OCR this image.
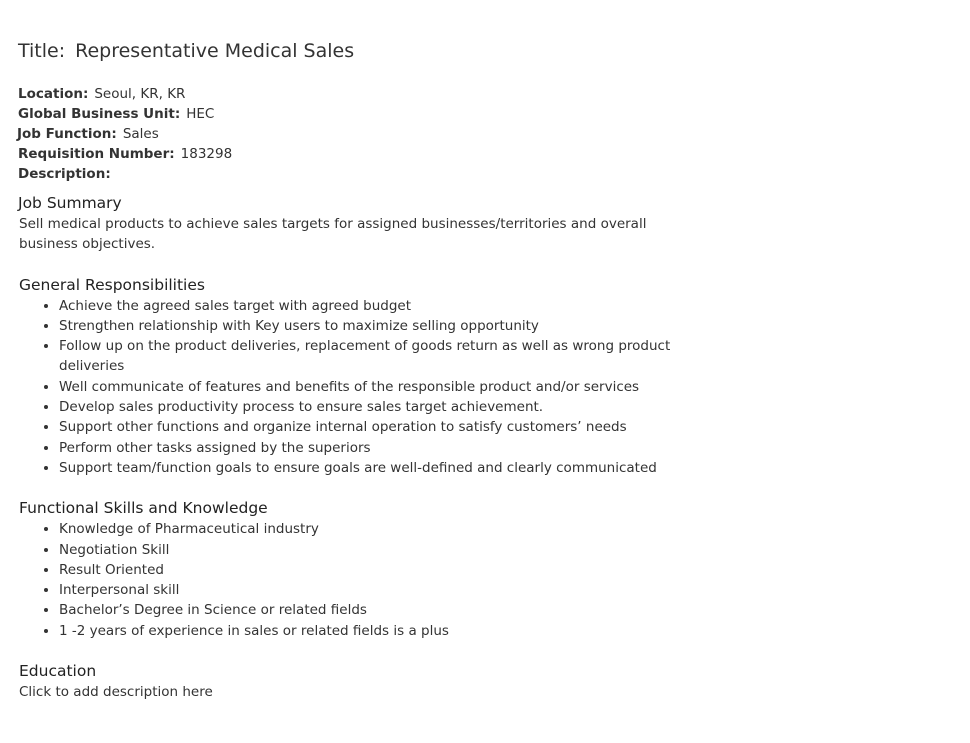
Title: Representative Medical Sales
Location: Seoul, KR, KR
Global Business Unit: HEC
Job Function: Sales
Requisition Number: 183298
Description:
Job Summary

Sell medical products to achieve sales targets for assigned businesses/territories and overall business objectives.

General Responsibilities
• Achieve the agreed sales target with agreed budget
• Strengthen relationship with Key users to maximize selling opportunity
• Follow up on the product deliveries, replacement of goods return as well as wrong product deliveries
• Well communicate of features and benefits of the responsible product and/or services
• Develop sales productivity process to ensure sales target achievement.
• Support other functions and organize internal operation to satisfy customers’ needs
• Perform other tasks assigned by the superiors
• Support team/function goals to ensure goals are well-defined and clearly communicated
Functional Skills and Knowledge
• Knowledge of Pharmaceutical industry
• Negotiation Skill
• Result Oriented
• Interpersonal skill
• Bachelor’s Degree in Science or related fields
• 1 -2 years of experience in sales or related fields is a plus
Education

Click to add description here
